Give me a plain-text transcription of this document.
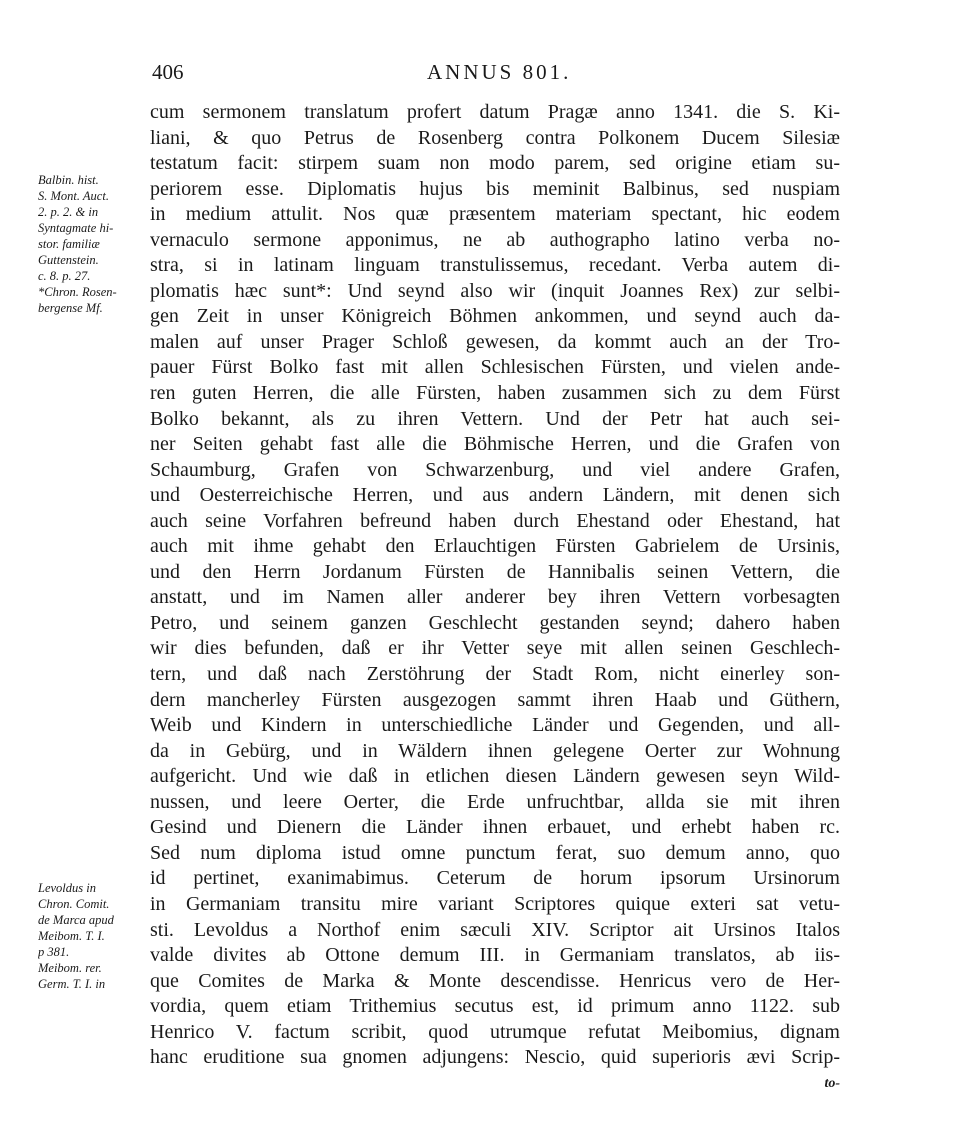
406	ANNUS 801.
Balbin. hist.
S. Mont. Auct.
2. p. 2. & in
Syntagmate hi-
stor. familiæ
Guttenstein.
c. 8. p. 27.
*Chron. Rosen-
bergense Mf.
Levoldus in
Chron. Comit.
de Marca apud
Meibom. T. I.
p 381.
Meibom. rer.
Germ. T. I. in
cum sermonem translatum profert datum Pragæ anno 1341. die S. Ki-
liani, & quo Petrus de Rosenberg contra Polkonem Ducem Silesiæ
testatum facit: stirpem suam non modo parem, sed origine etiam su-
periorem esse. Diplomatis hujus bis meminit Balbinus, sed nuspiam
in medium attulit. Nos quæ præsentem materiam spectant, hic eodem
vernaculo sermone apponimus, ne ab authographo latino verba no-
stra, si in latinam linguam transtulissemus, recedant. Verba autem di-
plomatis hæc sunt*: Und seynd also wir (inquit Joannes Rex) zur selbi-
gen Zeit in unser Königreich Böhmen ankommen, und seynd auch da-
malen auf unser Prager Schloß gewesen, da kommt auch an der Tro-
pauer Fürst Bolko fast mit allen Schlesischen Fürsten, und vielen ande-
ren guten Herren, die alle Fürsten, haben zusammen sich zu dem Fürst
Bolko bekannt, als zu ihren Vettern. Und der Petr hat auch sei-
ner Seiten gehabt fast alle die Böhmische Herren, und die Grafen von
Schaumburg, Grafen von Schwarzenburg, und viel andere Grafen,
und Oesterreichische Herren, und aus andern Ländern, mit denen sich
auch seine Vorfahren befreund haben durch Ehestand oder Ehestand, hat
auch mit ihme gehabt den Erlauchtigen Fürsten Gabrielem de Ursinis,
und den Herrn Jordanum Fürsten de Hannibalis seinen Vettern, die
anstatt, und im Namen aller anderer bey ihren Vettern vorbesagten
Petro, und seinem ganzen Geschlecht gestanden seynd; dahero haben
wir dies befunden, daß er ihr Vetter seye mit allen seinen Geschlech-
tern, und daß nach Zerstöhrung der Stadt Rom, nicht einerley son-
dern mancherley Fürsten ausgezogen sammt ihren Haab und Güthern,
Weib und Kindern in unterschiedliche Länder und Gegenden, und all-
da in Gebürg, und in Wäldern ihnen gelegene Oerter zur Wohnung
aufgericht. Und wie daß in etlichen diesen Ländern gewesen seyn Wild-
nussen, und leere Oerter, die Erde unfruchtbar, allda sie mit ihren
Gesind und Dienern die Länder ihnen erbauet, und erhebt haben rc.
Sed num diploma istud omne punctum ferat, suo demum anno, quo
id pertinet, exanimabimus. Ceterum de horum ipsorum Ursinorum
in Germaniam transitu mire variant Scriptores quique exteri sat vetu-
sti. Levoldus a Northof enim sæculi XIV. Scriptor ait Ursinos Italos
valde divites ab Ottone demum III. in Germaniam translatos, ab iis-
que Comites de Marka & Monte descendisse. Henricus vero de Her-
vordia, quem etiam Trithemius secutus est, id primum anno 1122. sub
Henrico V. factum scribit, quod utrumque refutat Meibomius, dignam
hanc eruditione sua gnomen adjungens: Nescio, quid superioris ævi Scrip-
to-
